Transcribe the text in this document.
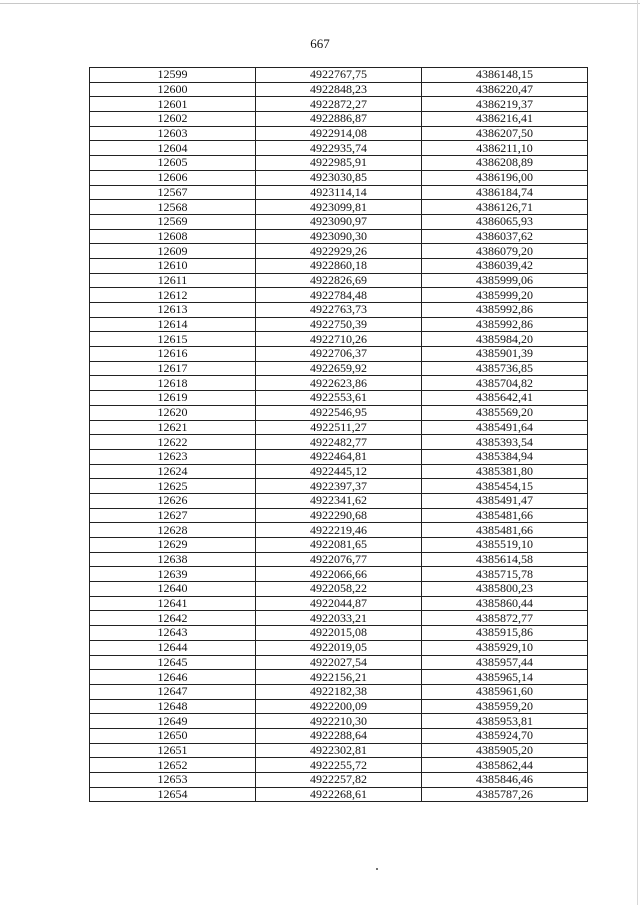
667
12599	4922767,75	4386148,15
12600	4922848,23	4386220,47
12601	4922872,27	4386219,37
12602	4922886,87	4386216,41
12603	4922914,08	4386207,50
12604	4922935,74	4386211,10
12605	4922985,91	4386208,89
12606	4923030,85	4386196,00
12567	4923114,14	4386184,74
12568	4923099,81	4386126,71
12569	4923090,97	4386065,93
12608	4923090,30	4386037,62
12609	4922929,26	4386079,20
12610	4922860,18	4386039,42
12611	4922826,69	4385999,06
12612	4922784,48	4385999,20
12613	4922763,73	4385992,86
12614	4922750,39	4385992,86
12615	4922710,26	4385984,20
12616	4922706,37	4385901,39
12617	4922659,92	4385736,85
12618	4922623,86	4385704,82
12619	4922553,61	4385642,41
12620	4922546,95	4385569,20
12621	4922511,27	4385491,64
12622	4922482,77	4385393,54
12623	4922464,81	4385384,94
12624	4922445,12	4385381,80
12625	4922397,37	4385454,15
12626	4922341,62	4385491,47
12627	4922290,68	4385481,66
12628	4922219,46	4385481,66
12629	4922081,65	4385519,10
12638	4922076,77	4385614,58
12639	4922066,66	4385715,78
12640	4922058,22	4385800,23
12641	4922044,87	4385860,44
12642	4922033,21	4385872,77
12643	4922015,08	4385915,86
12644	4922019,05	4385929,10
12645	4922027,54	4385957,44
12646	4922156,21	4385965,14
12647	4922182,38	4385961,60
12648	4922200,09	4385959,20
12649	4922210,30	4385953,81
12650	4922288,64	4385924,70
12651	4922302,81	4385905,20
12652	4922255,72	4385862,44
12653	4922257,82	4385846,46
12654	4922268,61	4385787,26
